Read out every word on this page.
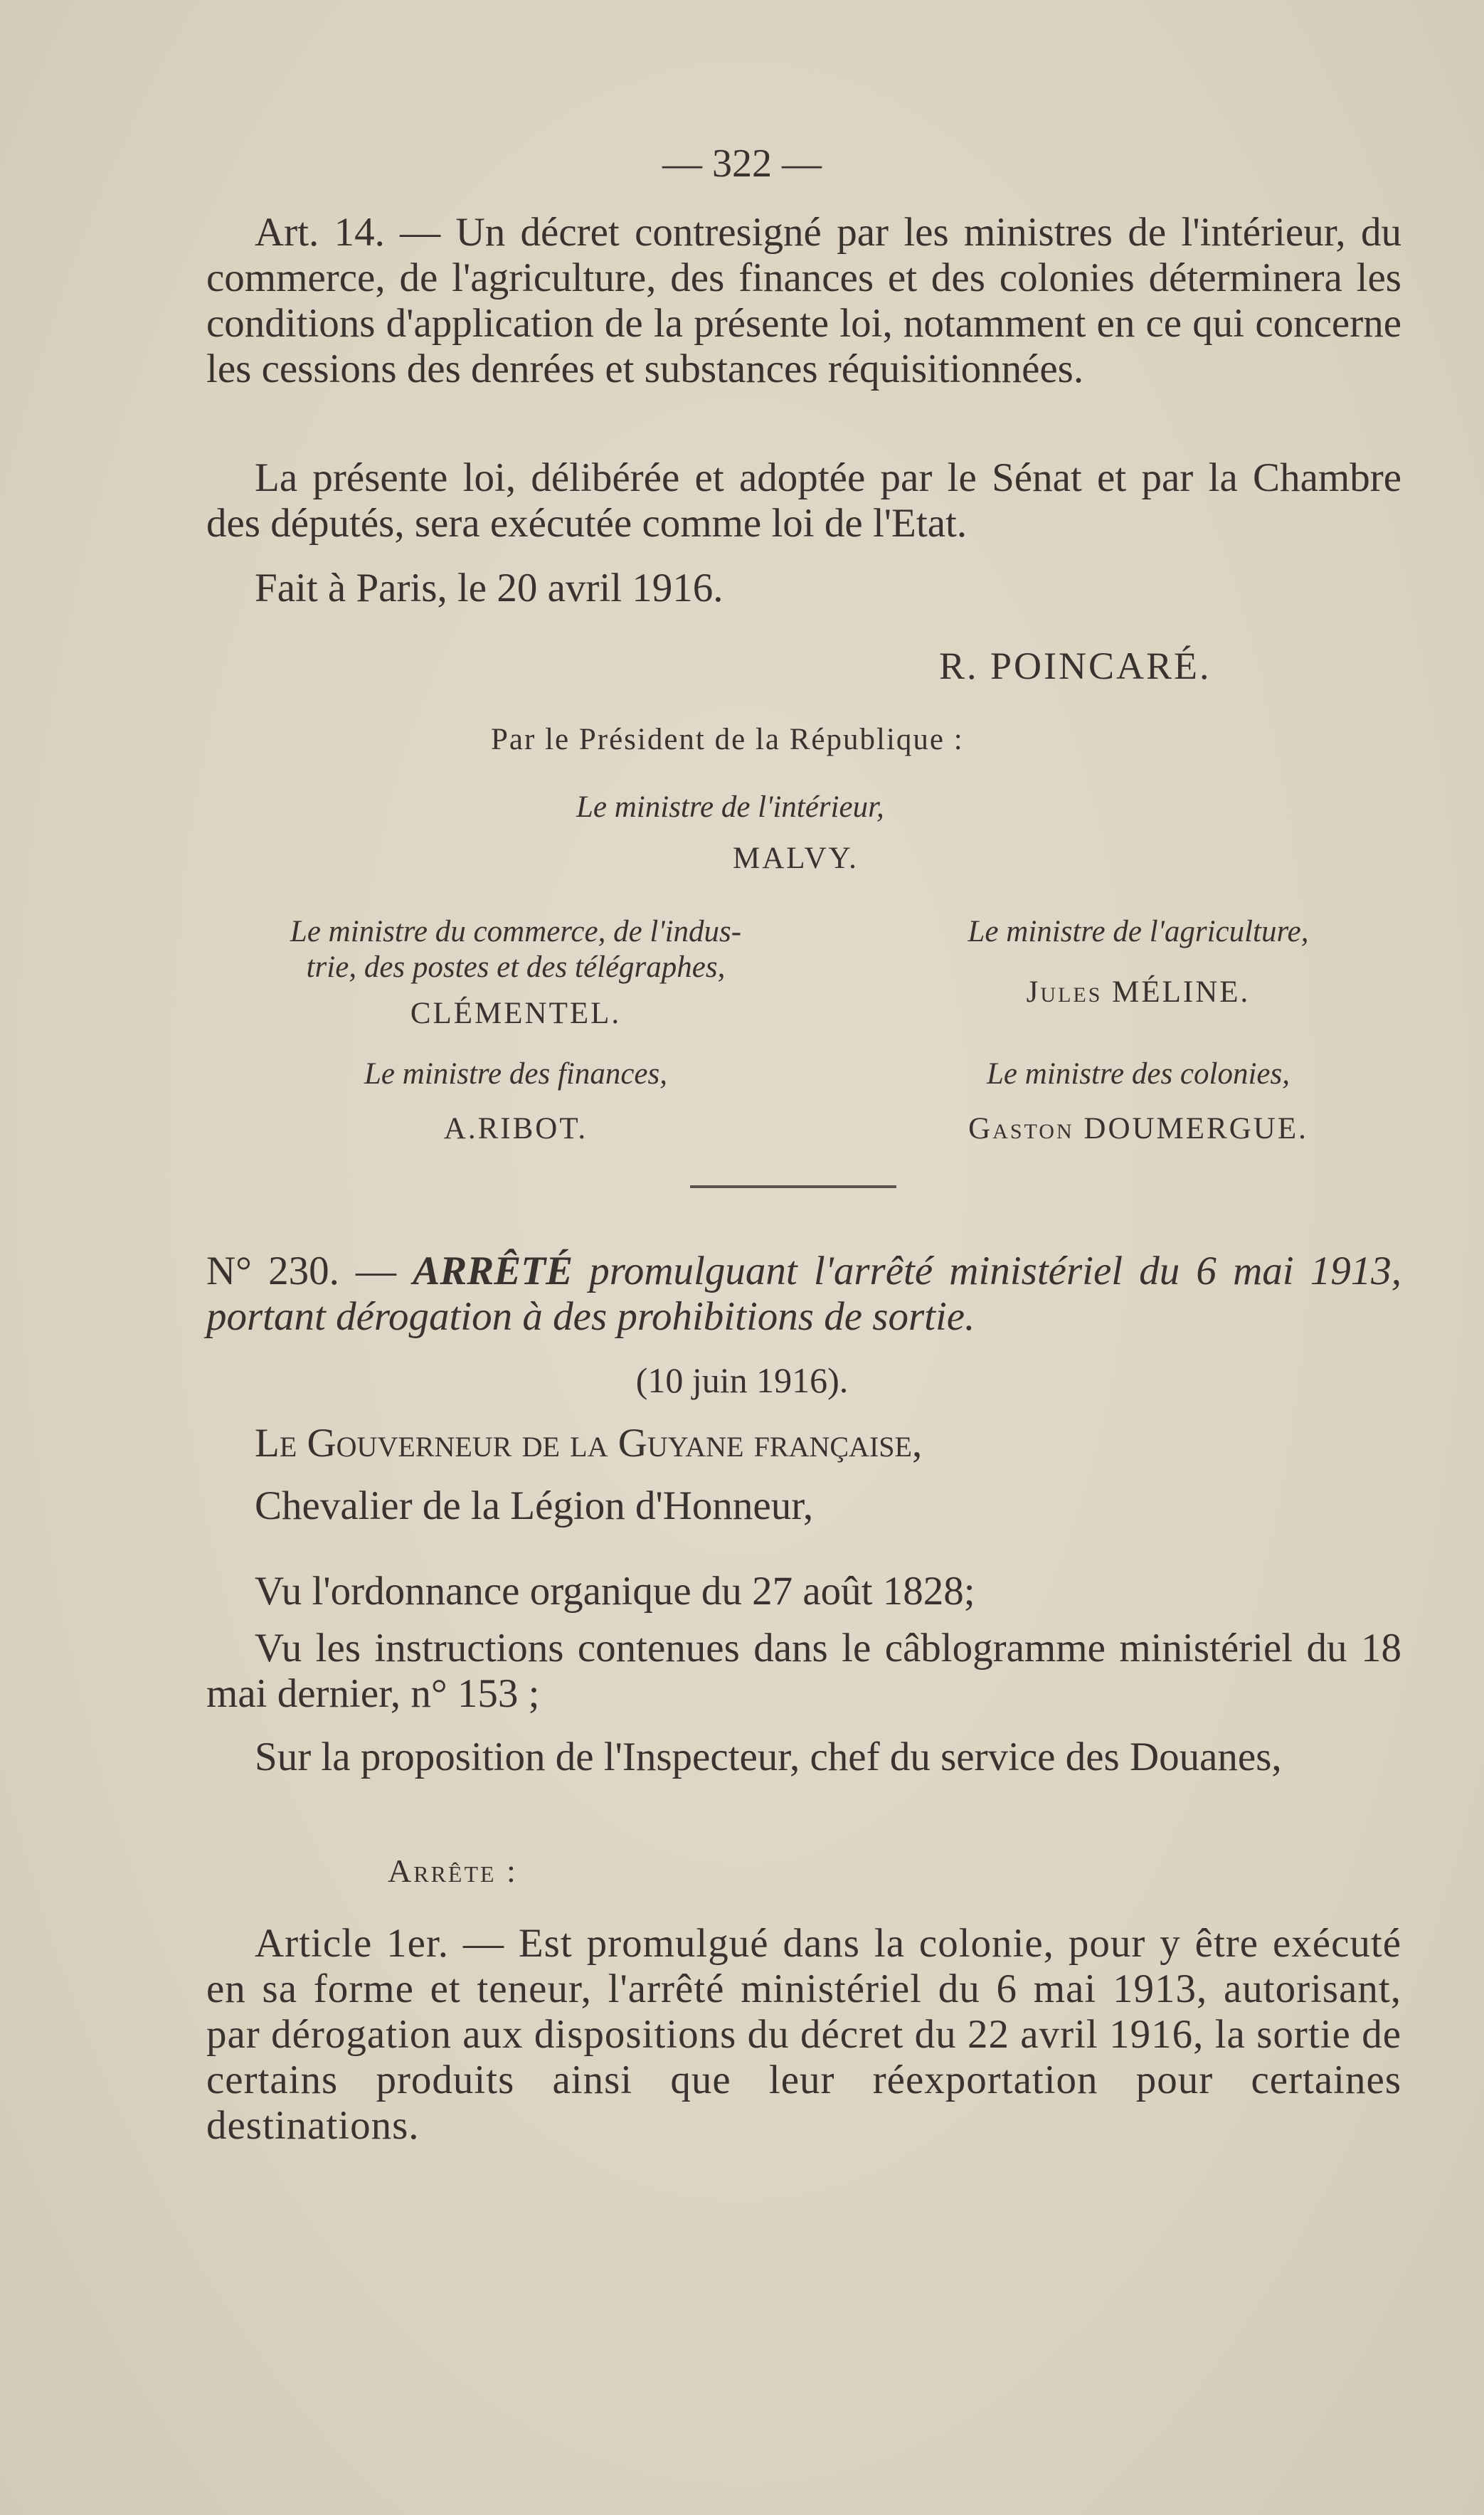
— 322 —

Art. 14. — Un décret contresigné par les ministres de l'intérieur, du commerce, de l'agriculture, des finances et des colonies déterminera les conditions d'application de la présente loi, notamment en ce qui concerne les cessions des denrées et substances réquisitionnées.

La présente loi, délibérée et adoptée par le Sénat et par la Chambre des députés, sera exécutée comme loi de l'Etat.

Fait à Paris, le 20 avril 1916.

R. POINCARÉ.
Par le Président de la République :
Le ministre de l'intérieur,
MALVY.
Le ministre du commerce, de l'indus-
trie, des postes et des télégraphes,
CLÉMENTEL.
Le ministre de l'agriculture,
Jules MÉLINE.
Le ministre des finances,
A.RIBOT.
Le ministre des colonies,
Gaston DOUMERGUE.

N° 230. — ARRÊTÉ promulguant l'arrêté ministériel du 6 mai 1913, portant dérogation à des prohibitions de sortie.

(10 juin 1916).

Le Gouverneur de la Guyane française,

Chevalier de la Légion d'Honneur,

Vu l'ordonnance organique du 27 août 1828;

Vu les instructions contenues dans le câblogramme ministériel du 18 mai dernier, n° 153 ;

Sur la proposition de l'Inspecteur, chef du service des Douanes,

Arrête :

Article 1er. — Est promulgué dans la colonie, pour y être exécuté en sa forme et teneur, l'arrêté ministériel du 6 mai 1913, autorisant, par dérogation aux dispositions du décret du 22 avril 1916, la sortie de certains produits ainsi que leur réexportation pour certaines destinations.
